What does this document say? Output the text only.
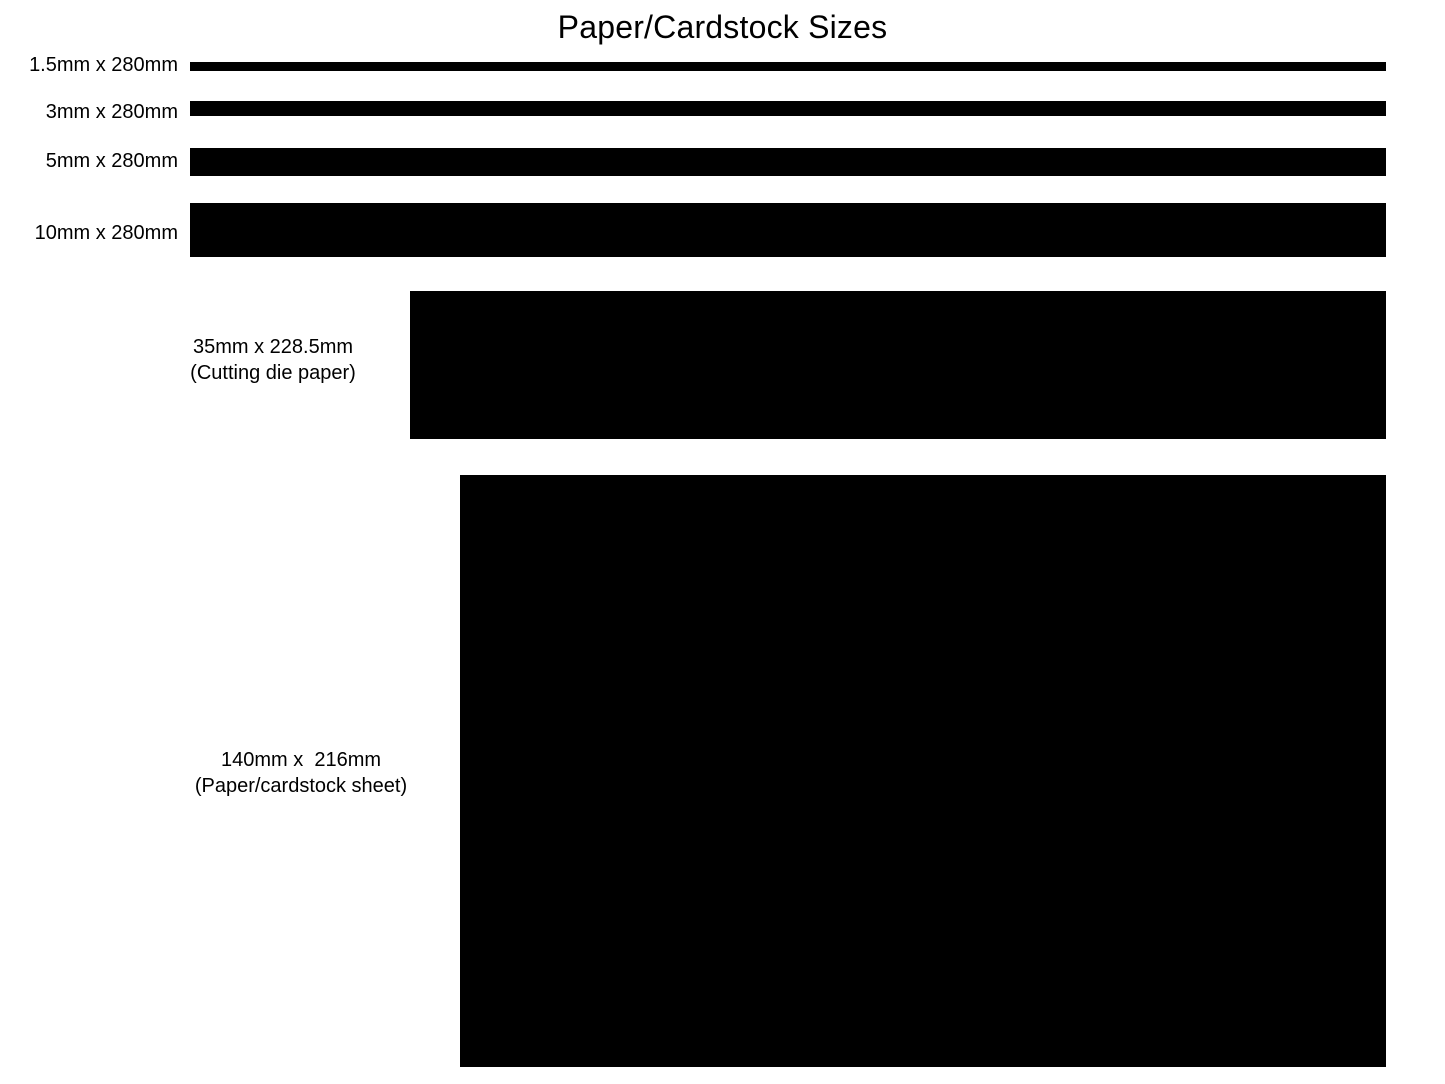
Paper/Cardstock Sizes
1.5mm x 280mm
3mm x 280mm
5mm x 280mm
10mm x 280mm
35mm x 228.5mm
(Cutting die paper)
140mm x  216mm
(Paper/cardstock sheet)
